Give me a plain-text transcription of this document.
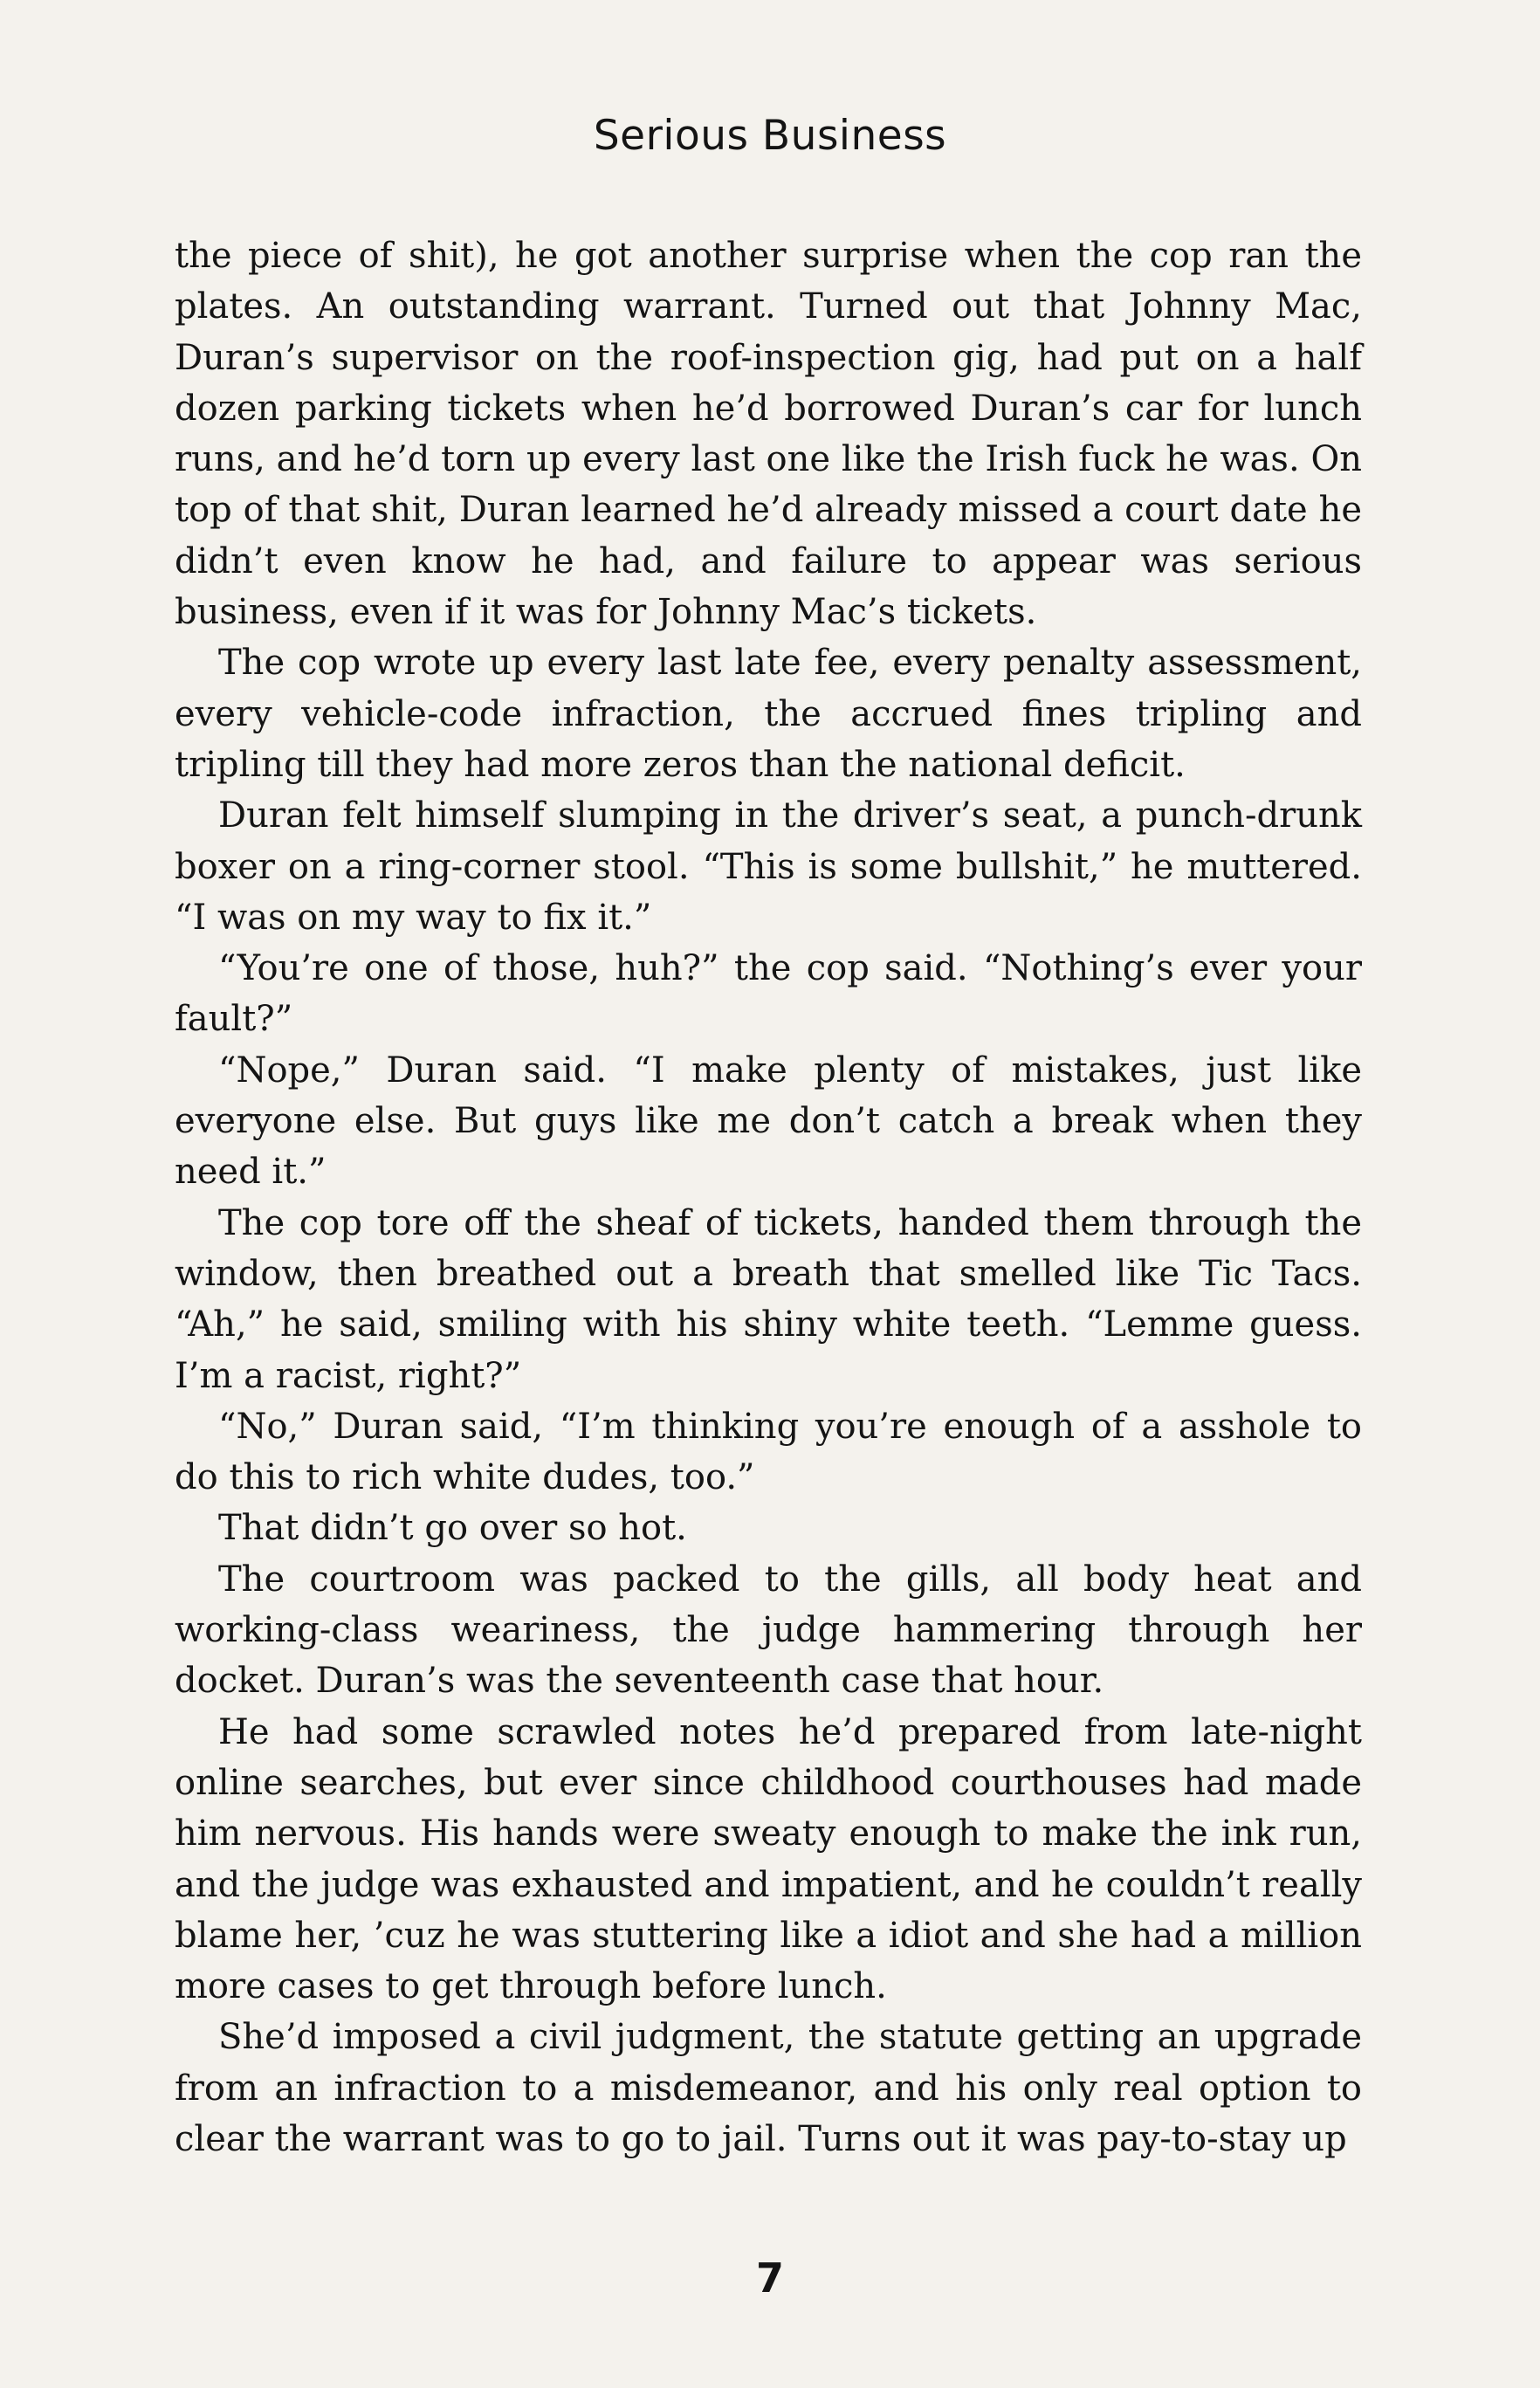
Serious Business

the piece of shit), he got another surprise when the cop ran the plates. An outstanding warrant. Turned out that Johnny Mac, Duran’s supervisor on the roof-inspection gig, had put on a half dozen parking tickets when he’d borrowed Duran’s car for lunch runs, and he’d torn up every last one like the Irish fuck he was. On top of that shit, Duran learned he’d already missed a court date he didn’t even know he had, and failure to appear was serious business, even if it was for Johnny Mac’s tickets.

The cop wrote up every last late fee, every penalty assessment, every vehicle-code infraction, the accrued fines tripling and tripling till they had more zeros than the national deficit.

Duran felt himself slumping in the driver’s seat, a punch-drunk boxer on a ring-corner stool. “This is some bullshit,” he muttered. “I was on my way to fix it.”

“You’re one of those, huh?” the cop said. “Nothing’s ever your fault?”

“Nope,” Duran said. “I make plenty of mistakes, just like everyone else. But guys like me don’t catch a break when they need it.”

The cop tore off the sheaf of tickets, handed them through the window, then breathed out a breath that smelled like Tic Tacs. “Ah,” he said, smiling with his shiny white teeth. “Lemme guess. I’m a racist, right?”

“No,” Duran said, “I’m thinking you’re enough of a asshole to do this to rich white dudes, too.”

That didn’t go over so hot.

The courtroom was packed to the gills, all body heat and working-class weariness, the judge hammering through her docket. Duran’s was the seventeenth case that hour.

He had some scrawled notes he’d prepared from late-night online searches, but ever since childhood courthouses had made him nervous. His hands were sweaty enough to make the ink run, and the judge was exhausted and impatient, and he couldn’t really blame her, ’cuz he was stuttering like a idiot and she had a million more cases to get through before lunch.

She’d imposed a civil judgment, the statute getting an upgrade from an infraction to a misdemeanor, and his only real option to clear the warrant was to go to jail. Turns out it was pay-to-stay up

7
